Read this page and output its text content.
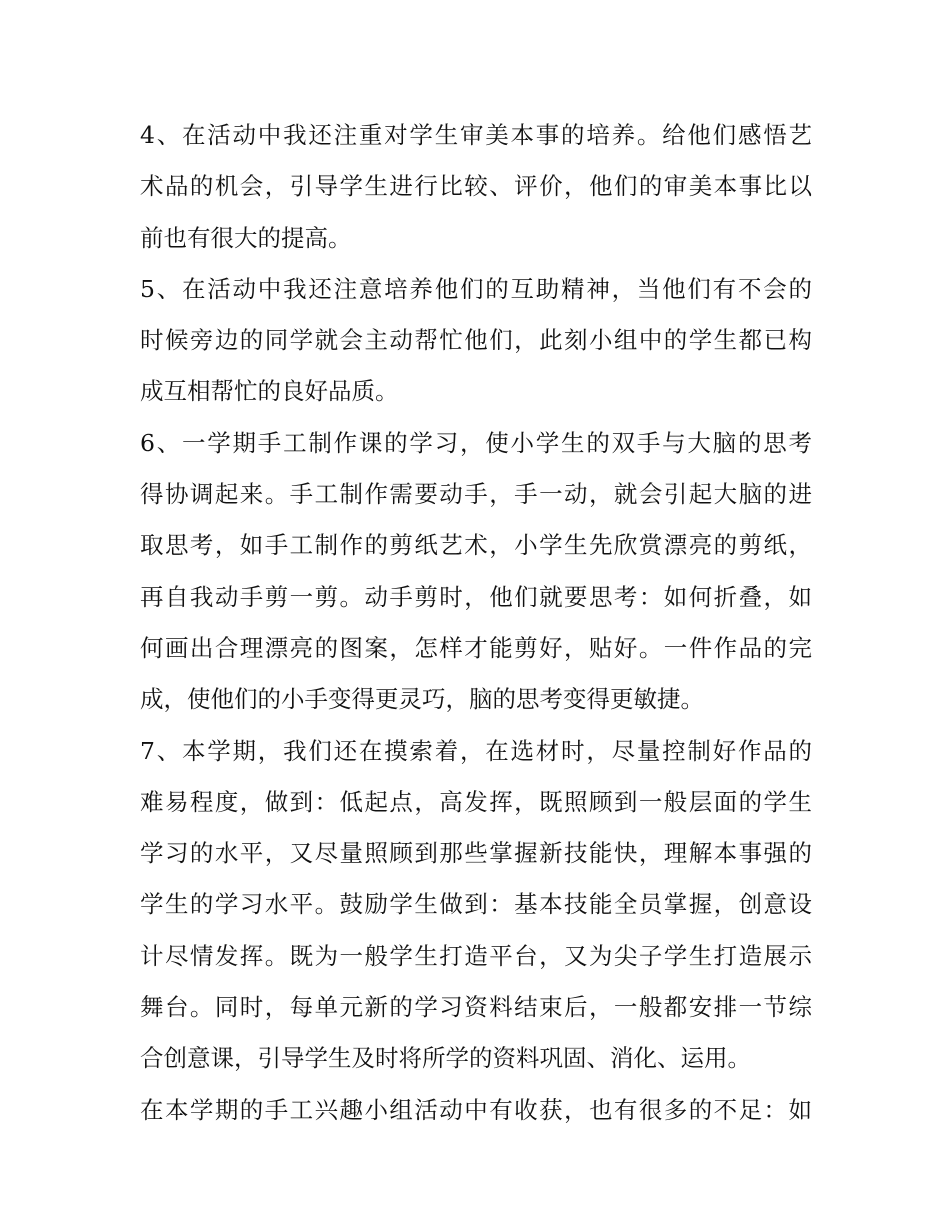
4、在活动中我还注重对学生审美本事的培养。给他们感悟艺
术品的机会，引导学生进行比较、评价，他们的审美本事比以
前也有很大的提高。
5、在活动中我还注意培养他们的互助精神，当他们有不会的
时候旁边的同学就会主动帮忙他们，此刻小组中的学生都已构
成互相帮忙的良好品质。
6、一学期手工制作课的学习，使小学生的双手与大脑的思考
得协调起来。手工制作需要动手，手一动，就会引起大脑的进
取思考，如手工制作的剪纸艺术，小学生先欣赏漂亮的剪纸，
再自我动手剪一剪。动手剪时，他们就要思考：如何折叠，如
何画出合理漂亮的图案，怎样才能剪好，贴好。一件作品的完
成，使他们的小手变得更灵巧，脑的思考变得更敏捷。
7、本学期，我们还在摸索着，在选材时，尽量控制好作品的
难易程度，做到：低起点，高发挥，既照顾到一般层面的学生
学习的水平，又尽量照顾到那些掌握新技能快，理解本事强的
学生的学习水平。鼓励学生做到：基本技能全员掌握，创意设
计尽情发挥。既为一般学生打造平台，又为尖子学生打造展示
舞台。同时，每单元新的学习资料结束后，一般都安排一节综
合创意课，引导学生及时将所学的资料巩固、消化、运用。
在本学期的手工兴趣小组活动中有收获，也有很多的不足：如
